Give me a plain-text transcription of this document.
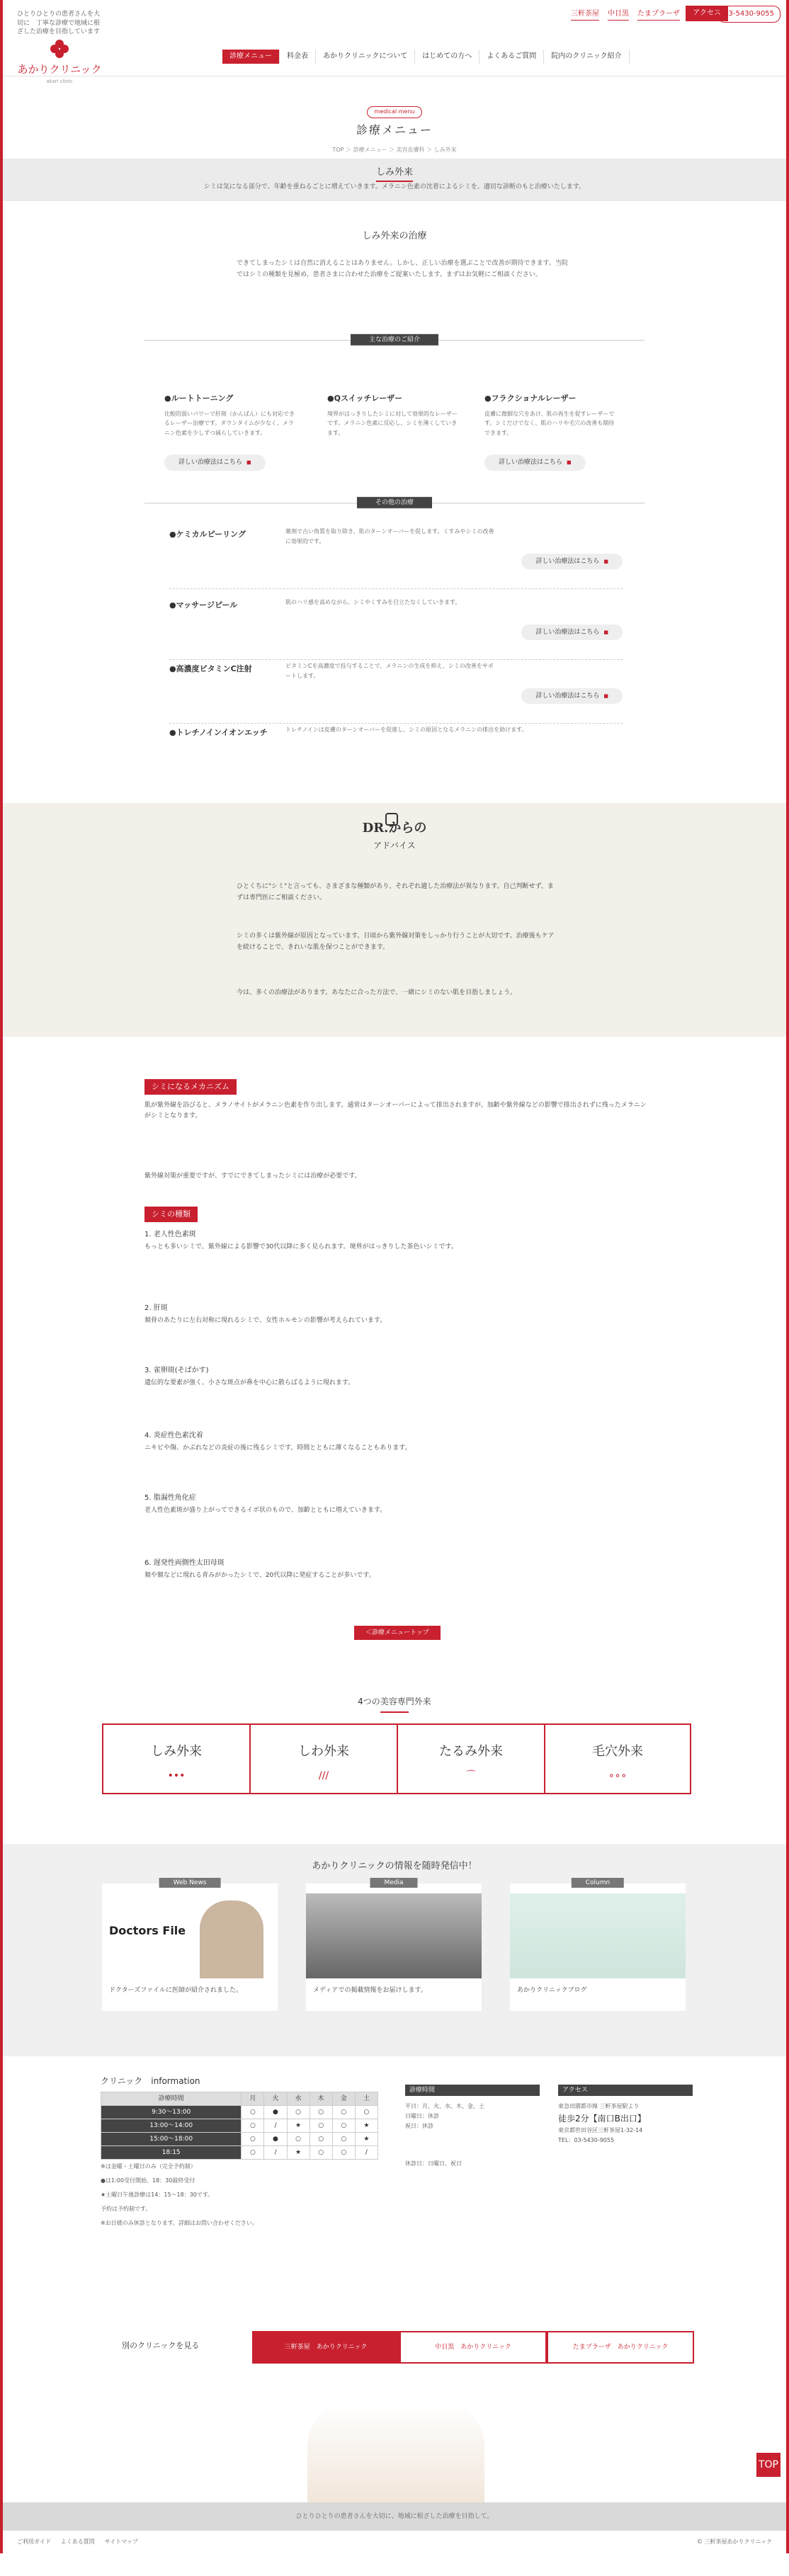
ひとりひとりの患者さんを大切に　丁寧な診療で地域に根ざした治療を目指しています
あかりクリニック
akari clinic
三軒茶屋 中目黒 たまプラーザ	アクセス 03-5430-9055
診療メニュー	料金表	あかりクリニックについて	はじめての方へ	よくあるご質問	院内のクリニック紹介
medical menu
診療メニュー
TOP ＞ 診療メニュー ＞ 美容皮膚科 ＞ しみ外来
しみ外来

シミは気になる部分で、年齢を重ねるごとに増えていきます。メラニン色素の沈着によるシミを、適切な診断のもと治療いたします。

しみ外来の治療
できてしまったシミは自然に消えることはありません。しかし、正しい治療を選ぶことで改善が期待できます。当院ではシミの種類を見極め、患者さまに合わせた治療をご提案いたします。まずはお気軽にご相談ください。
主な治療のご紹介
●ルートトーニング

比較的弱いパワーで肝斑（かんぱん）にも対応できるレーザー治療です。ダウンタイムが少なく、メラニン色素を少しずつ減らしていきます。

詳しい治療法はこちら ■
●Qスイッチレーザー

境界がはっきりしたシミに対して効果的なレーザーです。メラニン色素に反応し、シミを薄くしていきます。

●フラクショナルレーザー

皮膚に微細な穴をあけ、肌の再生を促すレーザーです。シミだけでなく、肌のハリや毛穴の改善も期待できます。

詳しい治療法はこちら ■
その他の治療
●ケミカルピーリング	薬剤で古い角質を取り除き、肌のターンオーバーを促します。くすみやシミの改善に効果的です。

詳しい治療法はこちら ■
●マッサージピール	肌のハリ感を高めながら、シミやくすみを目立たなくしていきます。

詳しい治療法はこちら ■
●高濃度ビタミンC注射	ビタミンCを高濃度で投与することで、メラニンの生成を抑え、シミの改善をサポートします。

詳しい治療法はこちら ■
●トレチノインイオンエッチ	トレチノインは皮膚のターンオーバーを促進し、シミの原因となるメラニンの排出を助けます。

DR.からの
アドバイス

ひとくちに"シミ"と言っても、さまざまな種類があり、それぞれ適した治療法が異なります。自己判断せず、まずは専門医にご相談ください。

シミの多くは紫外線が原因となっています。日頃から紫外線対策をしっかり行うことが大切です。治療後もケアを続けることで、きれいな肌を保つことができます。

今は、多くの治療法があります。あなたに合った方法で、一緒にシミのない肌を目指しましょう。

シミになるメカニズム

肌が紫外線を浴びると、メラノサイトがメラニン色素を作り出します。通常はターンオーバーによって排出されますが、加齢や紫外線などの影響で排出されずに残ったメラニンがシミとなります。

紫外線対策が重要ですが、すでにできてしまったシミには治療が必要です。

シミの種類
1. 老人性色素斑

もっとも多いシミで、紫外線による影響で30代以降に多く見られます。境界がはっきりした茶色いシミです。

2. 肝斑

頬骨のあたりに左右対称に現れるシミで、女性ホルモンの影響が考えられています。

3. 雀卵斑(そばかす)

遺伝的な要素が強く、小さな斑点が鼻を中心に散らばるように現れます。

4. 炎症性色素沈着

ニキビや傷、かぶれなどの炎症の後に残るシミです。時間とともに薄くなることもあります。

5. 脂漏性角化症

老人性色素斑が盛り上がってできるイボ状のもので、加齢とともに増えていきます。

6. 遅発性両側性太田母斑

頬や額などに現れる青みがかったシミで、20代以降に発症することが多いです。

＜診療メニュートップ
4つの美容専門外来
しみ外来
•••
しわ外来
///
たるみ外来
⌒
毛穴外来
∘∘∘
あかりクリニックの情報を随時発信中！
Web News
Doctors File
ドクターズファイルに医師が紹介されました。
Media
メディアでの掲載情報をお届けします。
Column
あかりクリニックブログ
クリニック　information
診療時間	月	火	水	木	金	土
9:30～13:00	○	●	○	○	○	○
13:00～14:00	○	/	★	○	○	★
15:00～18:00	○	●	○	○	○	★
18:15	○	/	★	○	○	/
※は金曜・土曜日のみ（完全予約制）
●は1:00受付開始、18：30最終受付
★土曜日午後診療は14：15～18：30です。
予約は予約制です。
※お日様のみ休診となります。詳細はお問い合わせください。
診療時間
平日：月、火、水、木、金、土
日曜日：休診
祝日：休診
休診日：日曜日、祝日
アクセス
東急田園都市線 三軒茶屋駅より
徒歩2分【南口B出口】
東京都世田谷区三軒茶屋1-32-14
TEL：03-5430-9055
別のクリニックを見る	三軒茶屋　あかりクリニック	中目黒　あかりクリニック	たまプラーザ　あかりクリニック
TOP
ひとりひとりの患者さんを大切に、地域に根ざした治療を目指して。
ご利用ガイド よくある質問 サイトマップ	© 三軒茶屋あかりクリニック
